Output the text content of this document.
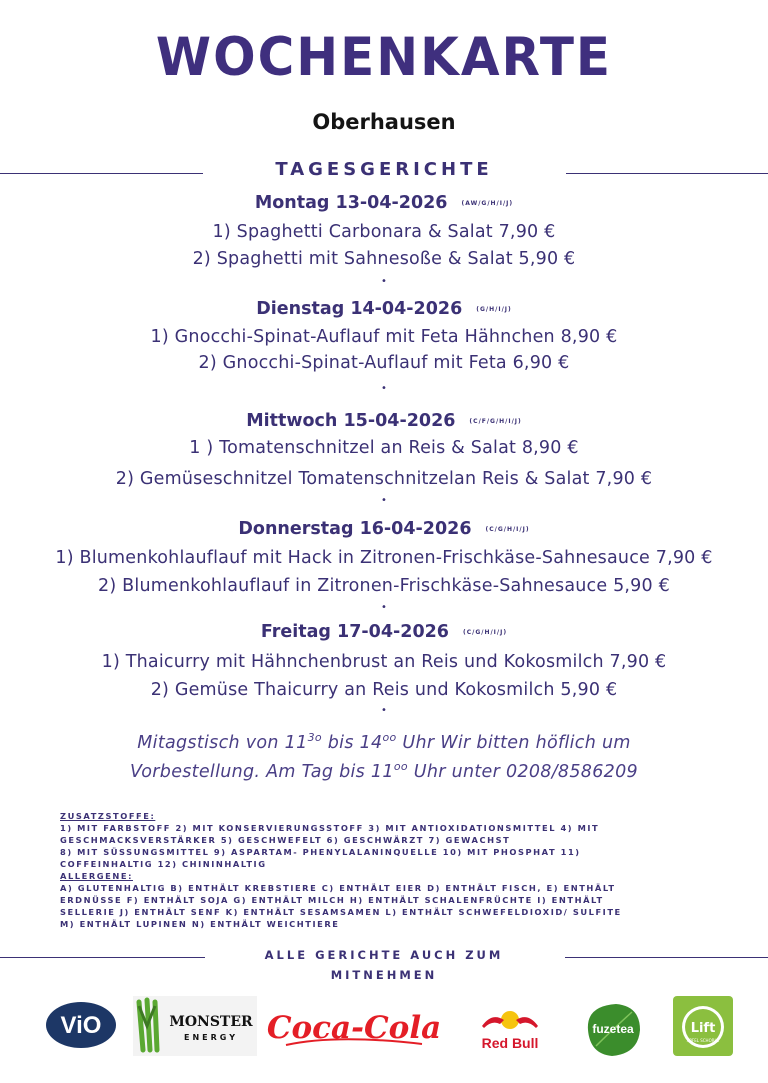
WOCHENKARTE
Oberhausen
TAGESGERICHTE
Montag 13-04-2026 (AW/G/H/I/J)
1) Spaghetti Carbonara & Salat 7,90 €
2) Spaghetti mit Sahnesoße & Salat 5,90 €
•
Dienstag 14-04-2026 (G/H/I/J)
1) Gnocchi-Spinat-Auflauf mit Feta Hähnchen 8,90 €
2) Gnocchi-Spinat-Auflauf mit Feta 6,90 €
•
Mittwoch 15-04-2026 (C/F/G/H/I/J)
1 ) Tomatenschnitzel an Reis & Salat 8,90 €
2) Gemüseschnitzel Tomatenschnitzelan Reis & Salat 7,90 €
•
Donnerstag 16-04-2026 (C/G/H/I/J)
1) Blumenkohlauflauf mit Hack in Zitronen-Frischkäse-Sahnesauce 7,90 €
2) Blumenkohlauflauf in Zitronen-Frischkäse-Sahnesauce 5,90 €
•
Freitag 17-04-2026 (C/G/H/I/J)
1) Thaicurry mit Hähnchenbrust an Reis und Kokosmilch 7,90 €
2) Gemüse Thaicurry an Reis und Kokosmilch 5,90 €
•
Mitagstisch von $11^{3o}$ bis $14^{oo}$ Uhr Wir bitten höflich um
Vorbestellung. Am Tag bis $11^{oo}$ Uhr unter 0208/8586209
ZUSATZSTOFFE:
1) MIT FARBSTOFF 2) MIT KONSERVIERUNGSSTOFF 3) MIT ANTIOXIDATIONSMITTEL 4) MIT
GESCHMACKSVERSTÄRKER 5) GESCHWEFELT 6) GESCHWÄRZT 7) GEWACHST
8) MIT SÜSSUNGSMITTEL 9) ASPARTAM- PHENYLALANINQUELLE 10) MIT PHOSPHAT 11)
COFFEINHALTIG 12) CHININHALTIG
ALLERGENE:
A) GLUTENHALTIG B) ENTHÄLT KREBSTIERE C) ENTHÄLT EIER D) ENTHÄLT FISCH, E) ENTHÄLT
ERDNÜSSE F) ENTHÄLT SOJA G) ENTHÄLT MILCH H) ENTHÄLT SCHALENFRÜCHTE I) ENTHÄLT
SELLERIE J) ENTHÄLT SENF K) ENTHÄLT SESAMSAMEN L) ENTHÄLT SCHWEFELDIOXID/ SULFITE
M) ENTHÄLT LUPINEN N) ENTHÄLT WEICHTIERE
ALLE GERICHTE AUCH ZUM
MITNEHMEN
ViO	MONSTER
ENERGY Coca-Cola	Red Bull
fuzetea	Lift
APFEL SCHORLE
